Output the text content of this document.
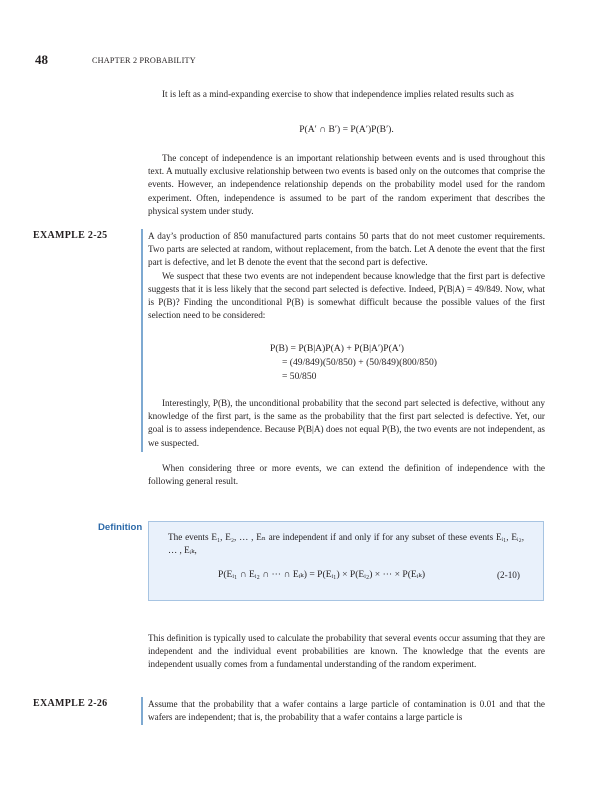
48	CHAPTER 2 PROBABILITY

It is left as a mind-expanding exercise to show that independence implies related results such as

P(A′ ∩ B′) = P(A′)P(B′).

The concept of independence is an important relationship between events and is used throughout this text. A mutually exclusive relationship between two events is based only on the outcomes that comprise the events. However, an independence relationship depends on the probability model used for the random experiment. Often, independence is assumed to be part of the random experiment that describes the physical system under study.

EXAMPLE 2-25	A day’s production of 850 manufactured parts contains 50 parts that do not meet customer requirements. Two parts are selected at random, without replacement, from the batch. Let A denote the event that the first part is defective, and let B denote the event that the second part is defective.

We suspect that these two events are not independent because knowledge that the first part is defective suggests that it is less likely that the second part selected is defective. Indeed, P(B|A) = 49/849. Now, what is P(B)? Finding the unconditional P(B) is somewhat difficult because the possible values of the first selection need to be considered:

P(B) = P(B|A)P(A) + P(B|A′)P(A′)
= (49/849)(50/850) + (50/849)(800/850)
= 50/850

Interestingly, P(B), the unconditional probability that the second part selected is defective, without any knowledge of the first part, is the same as the probability that the first part selected is defective. Yet, our goal is to assess independence. Because P(B|A) does not equal P(B), the two events are not independent, as we suspected.

When considering three or more events, we can extend the definition of independence with the following general result.

Definition
The events E₁, E₂, … , Eₙ are independent if and only if for any subset of these events Eᵢ₁, Eᵢ₂, … , Eᵢₖ,
P(Eᵢ₁ ∩ Eᵢ₂ ∩ ⋯ ∩ Eᵢₖ) = P(Eᵢ₁) × P(Eᵢ₂) × ⋯ × P(Eᵢₖ)	(2-10)

This definition is typically used to calculate the probability that several events occur assuming that they are independent and the individual event probabilities are known. The knowledge that the events are independent usually comes from a fundamental understanding of the random experiment.

EXAMPLE 2-26	Assume that the probability that a wafer contains a large particle of contamination is 0.01 and that the wafers are independent; that is, the probability that a wafer contains a large particle is
